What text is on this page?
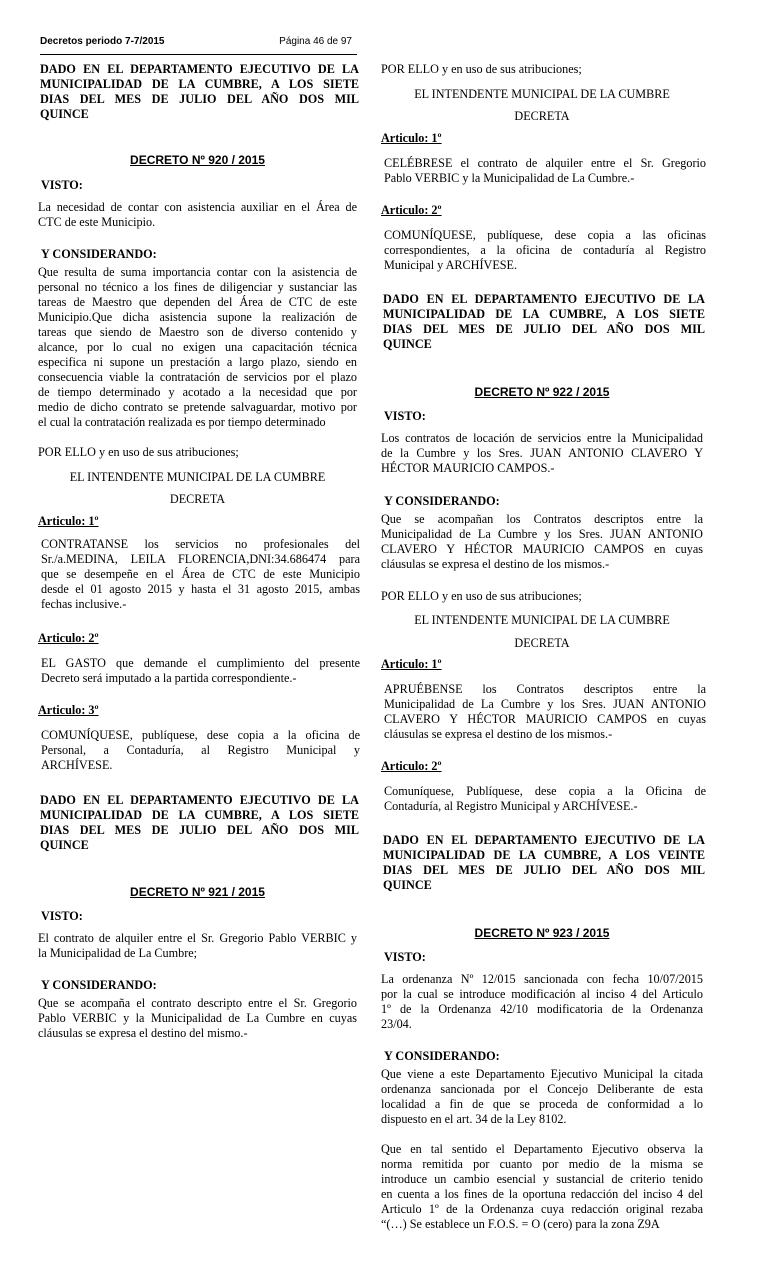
Decretos periodo 7-7/2015	Página 46 de 97
DADO EN EL DEPARTAMENTO EJECUTIVO DE LA
MUNICIPALIDAD DE LA CUMBRE, A LOS SIETE
DIAS DEL MES DE JULIO DEL AÑO DOS MIL
QUINCE
DECRETO Nº 920 / 2015
VISTO:
La necesidad de contar con asistencia auxiliar en el Área de
CTC de este Municipio.
Y CONSIDERANDO:
Que resulta de suma importancia contar con la asistencia de
personal no técnico a los fines de diligenciar y sustanciar las
tareas de Maestro que dependen del Área de CTC de este
Municipio.Que dicha asistencia supone la realización de
tareas que siendo de Maestro son de diverso contenido y
alcance, por lo cual no exigen una capacitación técnica
especifica ni supone un prestación a largo plazo, siendo en
consecuencia viable la contratación de servicios por el plazo
de tiempo determinado y acotado a la necesidad que por
medio de dicho contrato se pretende salvaguardar, motivo por
el cual la contratación realizada es por tiempo determinado
POR ELLO y en uso de sus atribuciones;
EL INTENDENTE MUNICIPAL DE LA CUMBRE
DECRETA
Articulo: 1º
CONTRATANSE los servicios no profesionales del
Sr./a.MEDINA, LEILA FLORENCIA,DNI:34.686474 para
que se desempeñe en el Área de CTC de este Municipio
desde el 01 agosto 2015 y hasta el 31 agosto 2015, ambas
fechas inclusive.-
Articulo: 2º
EL GASTO que demande el cumplimiento del presente
Decreto será imputado a la partida correspondiente.-
Articulo: 3º
COMUNÍQUESE, publíquese, dese copia a la oficina de
Personal, a Contaduría, al Registro Municipal y
ARCHÍVESE.
DADO EN EL DEPARTAMENTO EJECUTIVO DE LA
MUNICIPALIDAD DE LA CUMBRE, A LOS SIETE
DIAS DEL MES DE JULIO DEL AÑO DOS MIL
QUINCE
DECRETO Nº 921 / 2015
VISTO:
El contrato de alquiler entre el Sr. Gregorio Pablo VERBIC y
la Municipalidad de La Cumbre;
Y CONSIDERANDO:
Que se acompaña el contrato descripto entre el Sr. Gregorio
Pablo VERBIC y la Municipalidad de La Cumbre en cuyas
cláusulas se expresa el destino del mismo.-
POR ELLO y en uso de sus atribuciones;
EL INTENDENTE MUNICIPAL DE LA CUMBRE
DECRETA
Articulo: 1º
CELÉBRESE el contrato de alquiler entre el Sr. Gregorio
Pablo VERBIC y la Municipalidad de La Cumbre.-
Articulo: 2º
COMUNÍQUESE, publíquese, dese copia a las oficinas
correspondientes, a la oficina de contaduría al Registro
Municipal y ARCHÍVESE.
DADO EN EL DEPARTAMENTO EJECUTIVO DE LA
MUNICIPALIDAD DE LA CUMBRE, A LOS SIETE
DIAS DEL MES DE JULIO DEL AÑO DOS MIL
QUINCE
DECRETO Nº 922 / 2015
VISTO:
Los contratos de locación de servicios entre la Municipalidad
de la Cumbre y los Sres. JUAN ANTONIO CLAVERO Y
HÉCTOR MAURICIO CAMPOS.-
Y CONSIDERANDO:
Que se acompañan los Contratos descriptos entre la
Municipalidad de La Cumbre y los Sres. JUAN ANTONIO
CLAVERO Y HÉCTOR MAURICIO CAMPOS en cuyas
cláusulas se expresa el destino de los mismos.-
POR ELLO y en uso de sus atribuciones;
EL INTENDENTE MUNICIPAL DE LA CUMBRE
DECRETA
Articulo: 1º
APRUÉBENSE los Contratos descriptos entre la
Municipalidad de La Cumbre y los Sres. JUAN ANTONIO
CLAVERO Y HÉCTOR MAURICIO CAMPOS en cuyas
cláusulas se expresa el destino de los mismos.-
Articulo: 2º
Comuníquese, Publíquese, dese copia a la Oficina de
Contaduría, al Registro Municipal y ARCHÍVESE.-
DADO EN EL DEPARTAMENTO EJECUTIVO DE LA
MUNICIPALIDAD DE LA CUMBRE, A LOS VEINTE
DIAS DEL MES DE JULIO DEL AÑO DOS MIL
QUINCE
DECRETO Nº 923 / 2015
VISTO:
La ordenanza Nº 12/015 sancionada con fecha 10/07/2015
por la cual se introduce modificación al inciso 4 del Articulo
1º de la Ordenanza 42/10 modificatoria de la Ordenanza
23/04.
Y CONSIDERANDO:
Que viene a este Departamento Ejecutivo Municipal la citada
ordenanza sancionada por el Concejo Deliberante de esta
localidad a fin de que se proceda de conformidad a lo
dispuesto en el art. 34 de la Ley 8102.
Que en tal sentido el Departamento Ejecutivo observa la
norma remitida por cuanto por medio de la misma se
introduce un cambio esencial y sustancial de criterio tenido
en cuenta a los fines de la oportuna redacción del inciso 4 del
Articulo 1º de la Ordenanza cuya redacción original rezaba
“(…) Se establece un F.O.S. = O (cero) para la zona Z9A
